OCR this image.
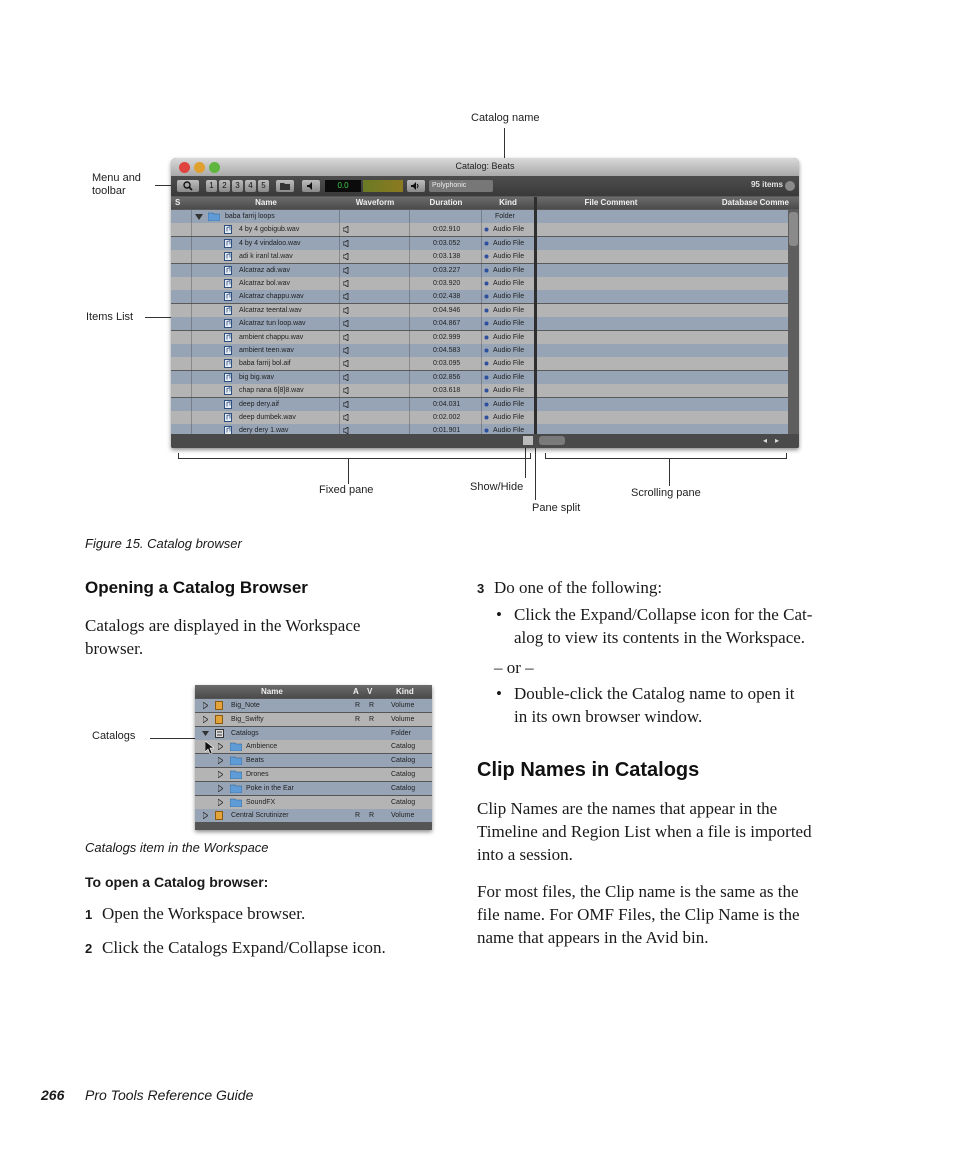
Catalog name
Menu and
toolbar
Items List
Fixed pane	Show/Hide
Pane split
Scrolling pane
Catalog: Beats
1	2	3	4	5	0.0	Polyphonic	95 items
S	Name	Waveform	Duration	Kind	File Comment	Database Comme
baba farrij loops	Folder
4 by 4 gobigub.wav	0:02.910	Audio File
4 by 4 vindaloo.wav	0:03.052	Audio File
adi k iranl tal.wav	0:03.138	Audio File
Alcatraz adi.wav	0:03.227	Audio File
Alcatraz bol.wav	0:03.920	Audio File
Alcatraz chappu.wav	0:02.438	Audio File
Alcatraz teental.wav	0:04.946	Audio File
Alcatraz tun loop.wav	0:04.867	Audio File
ambient chappu.wav	0:02.999	Audio File
ambient teen.wav	0:04.583	Audio File
baba farrij bol.aif	0:03.095	Audio File
big big.wav	0:02.856	Audio File
chap nana 6[8]8.wav	0:03.618	Audio File
deep dery.aif	0:04.031	Audio File
deep dumbek.wav	0:02.002	Audio File
dery dery 1.wav	0:01.901	Audio File
◂ ▸
Figure 15. Catalog browser
Opening a Catalog Browser
Catalogs are displayed in the Workspace
browser.
Catalogs
Name	A V	Kind
Big_Note	R R Volume
Big_Swifty	R R Volume
Catalogs	Folder
Ambience	Catalog
Beats	Catalog
Drones	Catalog
Poke in the Ear	Catalog
SoundFX	Catalog
Central Scrutinizer	R R Volume
Catalogs item in the Workspace
To open a Catalog browser:
1 Open the Workspace browser.
2 Click the Catalogs Expand/Collapse icon.
3 Do one of the following:
• Click the Expand/Collapse icon for the Cat-
alog to view its contents in the Workspace.
– or –
• Double-click the Catalog name to open it
in its own browser window.
Clip Names in Catalogs
Clip Names are the names that appear in the
Timeline and Region List when a file is imported
into a session.
For most files, the Clip name is the same as the
file name. For OMF Files, the Clip Name is the
name that appears in the Avid bin.
266 Pro Tools Reference Guide
